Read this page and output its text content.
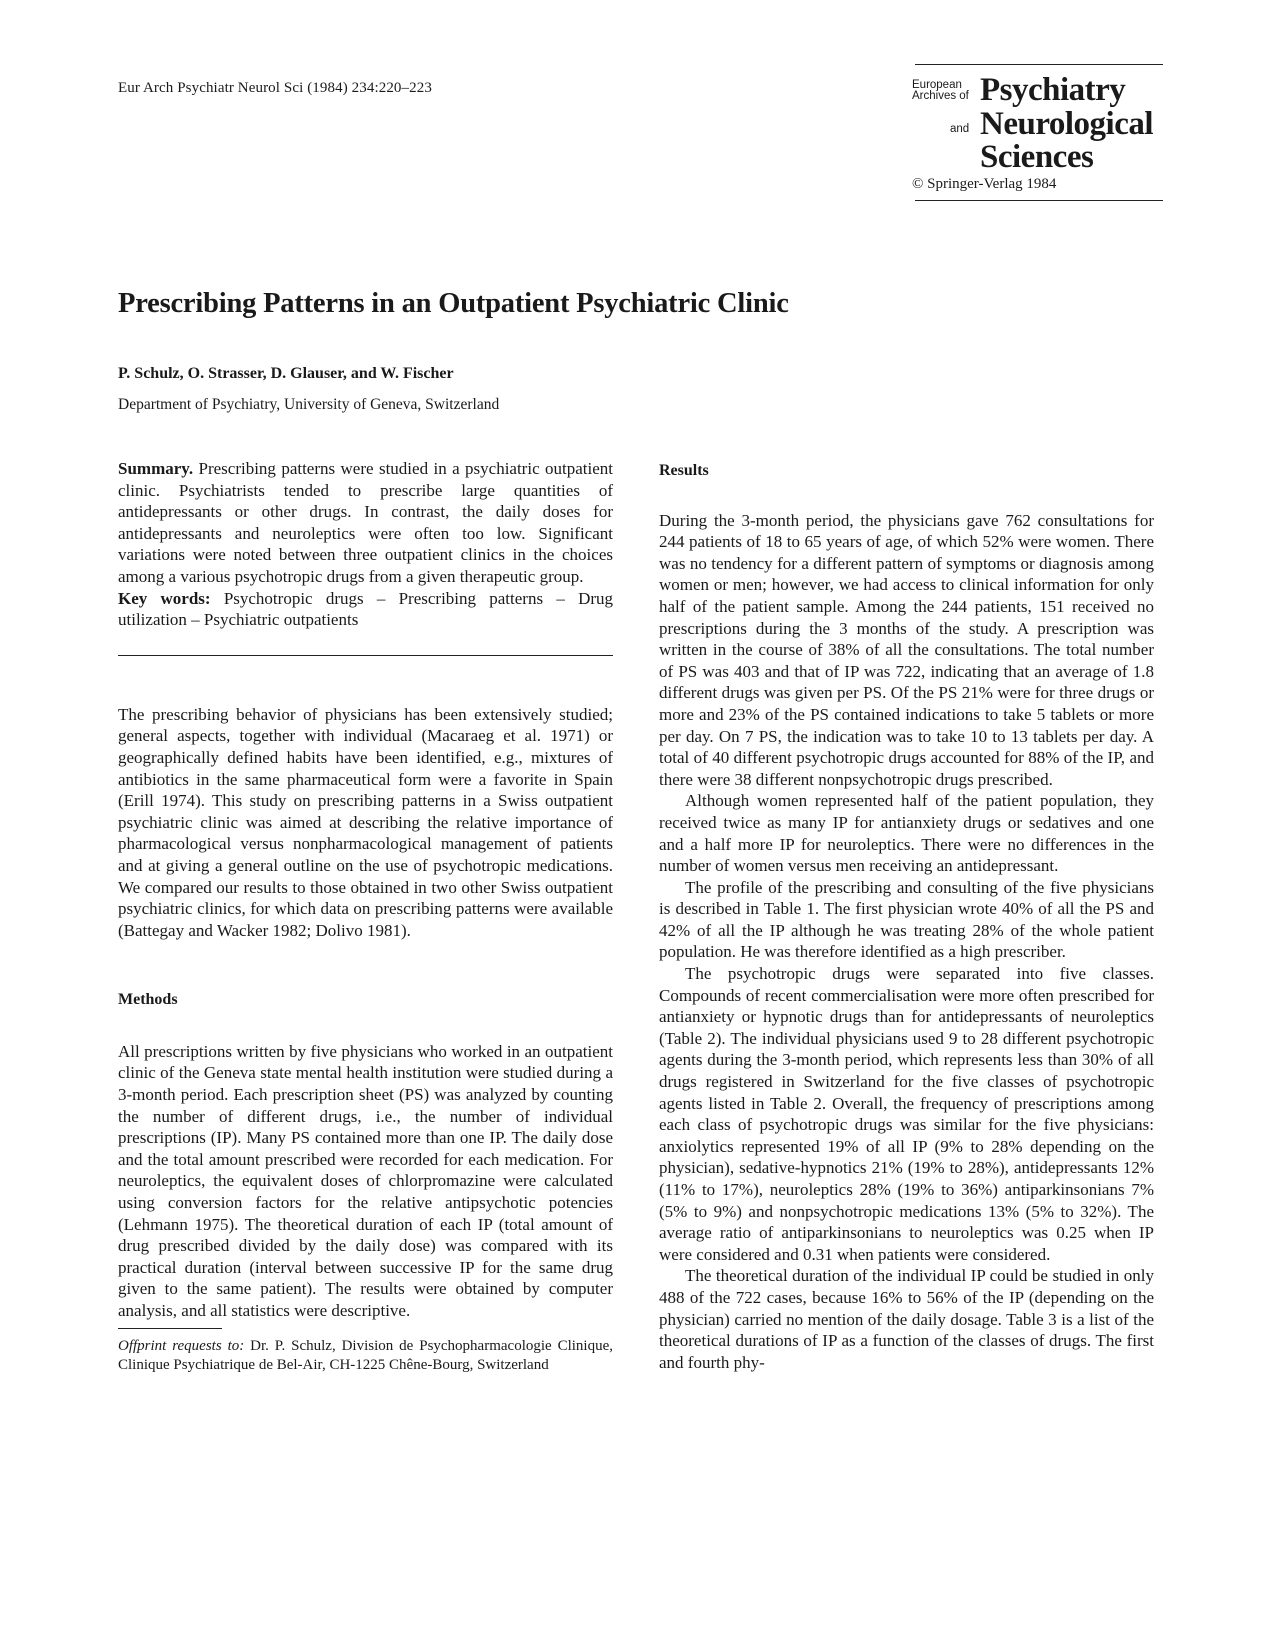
Eur Arch Psychiatr Neurol Sci (1984) 234:220–223	European
Archives of
and
Psychiatry
Neurological
Sciences
© Springer-Verlag 1984
Prescribing Patterns in an Outpatient Psychiatric Clinic
P. Schulz, O. Strasser, D. Glauser, and W. Fischer
Department of Psychiatry, University of Geneva, Switzerland

Summary. Prescribing patterns were studied in a psychiatric outpatient clinic. Psychiatrists tended to prescribe large quantities of antidepressants or other drugs. In contrast, the daily doses for antidepressants and neuroleptics were often too low. Significant variations were noted between three outpatient clinics in the choices among a various psychotropic drugs from a given therapeutic group.

Key words: Psychotropic drugs – Prescribing patterns – Drug utilization – Psychiatric outpatients

The prescribing behavior of physicians has been extensively studied; general aspects, together with individual (Macaraeg et al. 1971) or geographically defined habits have been identified, e.g., mixtures of antibiotics in the same pharmaceutical form were a favorite in Spain (Erill 1974). This study on prescribing patterns in a Swiss outpatient psychiatric clinic was aimed at describing the relative importance of pharmacological versus nonpharmacological management of patients and at giving a general outline on the use of psychotropic medications. We compared our results to those obtained in two other Swiss outpatient psychiatric clinics, for which data on prescribing patterns were available (Battegay and Wacker 1982; Dolivo 1981).

Methods

All prescriptions written by five physicians who worked in an outpatient clinic of the Geneva state mental health institution were studied during a 3-month period. Each prescription sheet (PS) was analyzed by counting the number of different drugs, i.e., the number of individual prescriptions (IP). Many PS contained more than one IP. The daily dose and the total amount prescribed were recorded for each medication. For neuroleptics, the equivalent doses of chlorpromazine were calculated using conversion factors for the relative antipsychotic potencies (Lehmann 1975). The theoretical duration of each IP (total amount of drug prescribed divided by the daily dose) was compared with its practical duration (interval between successive IP for the same drug given to the same patient). The results were obtained by computer analysis, and all statistics were descriptive.

Offprint requests to: Dr. P. Schulz, Division de Psychopharmacologie Clinique, Clinique Psychiatrique de Bel-Air, CH-1225 Chêne-Bourg, Switzerland

Results

During the 3-month period, the physicians gave 762 consultations for 244 patients of 18 to 65 years of age, of which 52% were women. There was no tendency for a different pattern of symptoms or diagnosis among women or men; however, we had access to clinical information for only half of the patient sample. Among the 244 patients, 151 received no prescriptions during the 3 months of the study. A prescription was written in the course of 38% of all the consultations. The total number of PS was 403 and that of IP was 722, indicating that an average of 1.8 different drugs was given per PS. Of the PS 21% were for three drugs or more and 23% of the PS contained indications to take 5 tablets or more per day. On 7 PS, the indication was to take 10 to 13 tablets per day. A total of 40 different psychotropic drugs accounted for 88% of the IP, and there were 38 different nonpsychotropic drugs prescribed.

Although women represented half of the patient population, they received twice as many IP for antianxiety drugs or sedatives and one and a half more IP for neuroleptics. There were no differences in the number of women versus men receiving an antidepressant.

The profile of the prescribing and consulting of the five physicians is described in Table 1. The first physician wrote 40% of all the PS and 42% of all the IP although he was treating 28% of the whole patient population. He was therefore identified as a high prescriber.

The psychotropic drugs were separated into five classes. Compounds of recent commercialisation were more often prescribed for antianxiety or hypnotic drugs than for antidepressants of neuroleptics (Table 2). The individual physicians used 9 to 28 different psychotropic agents during the 3-month period, which represents less than 30% of all drugs registered in Switzerland for the five classes of psychotropic agents listed in Table 2. Overall, the frequency of prescriptions among each class of psychotropic drugs was similar for the five physicians: anxiolytics represented 19% of all IP (9% to 28% depending on the physician), sedative-hypnotics 21% (19% to 28%), antidepressants 12% (11% to 17%), neuroleptics 28% (19% to 36%) antiparkinsonians 7% (5% to 9%) and nonpsychotropic medications 13% (5% to 32%). The average ratio of antiparkinsonians to neuroleptics was 0.25 when IP were considered and 0.31 when patients were considered.

The theoretical duration of the individual IP could be studied in only 488 of the 722 cases, because 16% to 56% of the IP (depending on the physician) carried no mention of the daily dosage. Table 3 is a list of the theoretical durations of IP as a function of the classes of drugs. The first and fourth phy-
